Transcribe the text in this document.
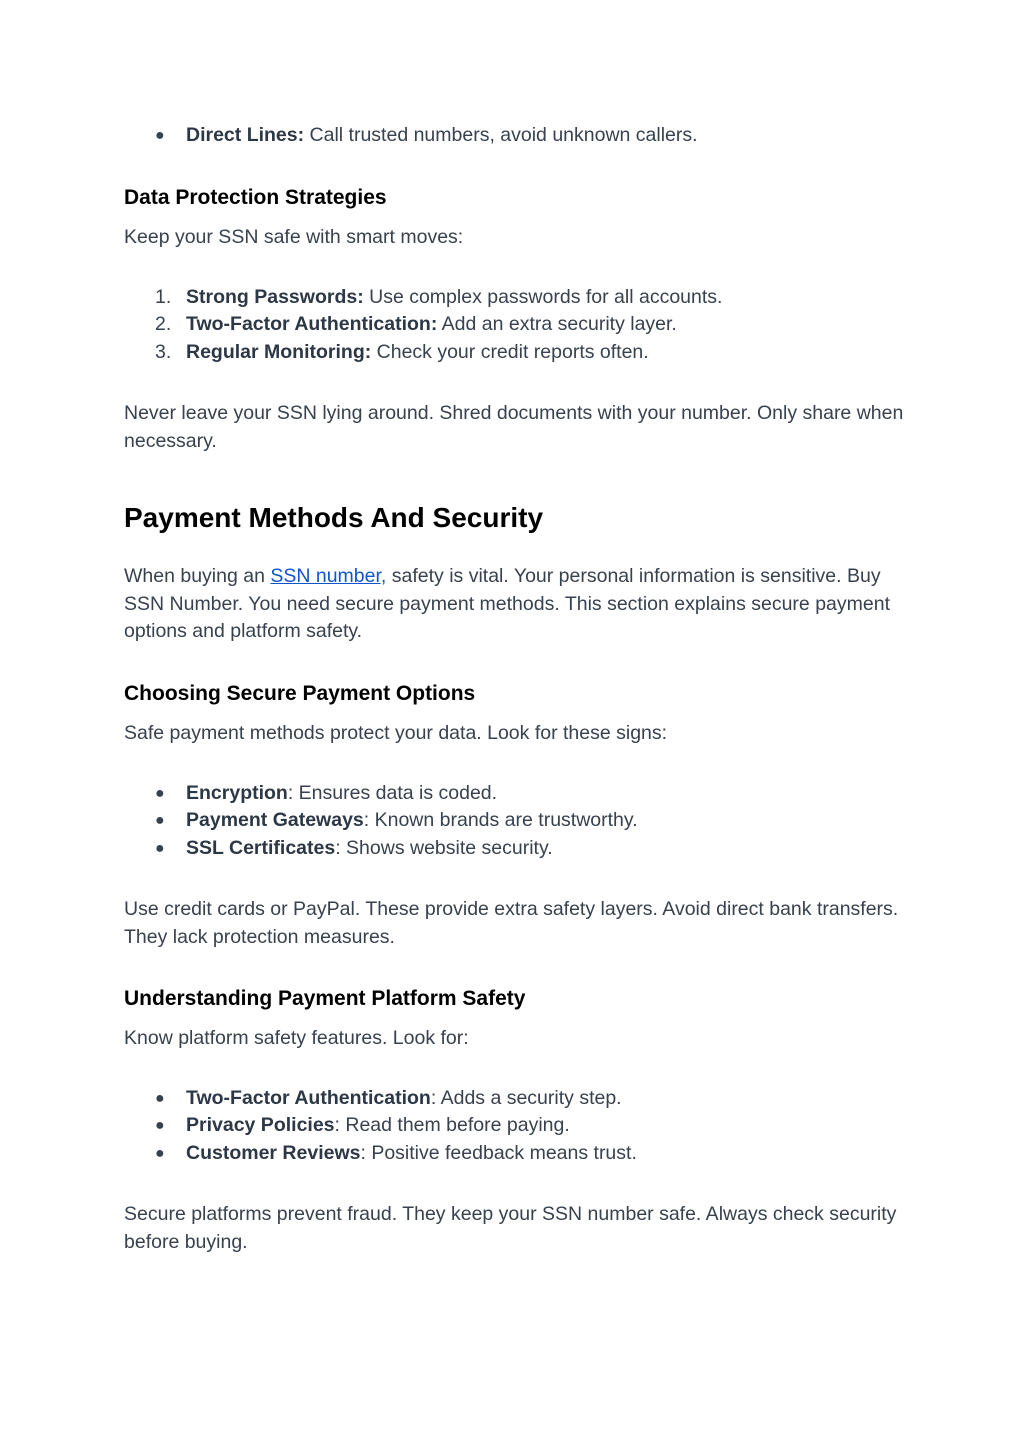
● Direct Lines: Call trusted numbers, avoid unknown callers.
Data Protection Strategies

Keep your SSN safe with smart moves:

1. Strong Passwords: Use complex passwords for all accounts.
2. Two-Factor Authentication: Add an extra security layer.
3. Regular Monitoring: Check your credit reports often.

Never leave your SSN lying around. Shred documents with your number. Only share when necessary.

Payment Methods And Security

When buying an SSN number, safety is vital. Your personal information is sensitive. Buy SSN Number. You need secure payment methods. This section explains secure payment options and platform safety.

Choosing Secure Payment Options

Safe payment methods protect your data. Look for these signs:

● Encryption: Ensures data is coded.
● Payment Gateways: Known brands are trustworthy.
● SSL Certificates: Shows website security.

Use credit cards or PayPal. These provide extra safety layers. Avoid direct bank transfers. They lack protection measures.

Understanding Payment Platform Safety

Know platform safety features. Look for:

● Two-Factor Authentication: Adds a security step.
● Privacy Policies: Read them before paying.
● Customer Reviews: Positive feedback means trust.

Secure platforms prevent fraud. They keep your SSN number safe. Always check security before buying.
